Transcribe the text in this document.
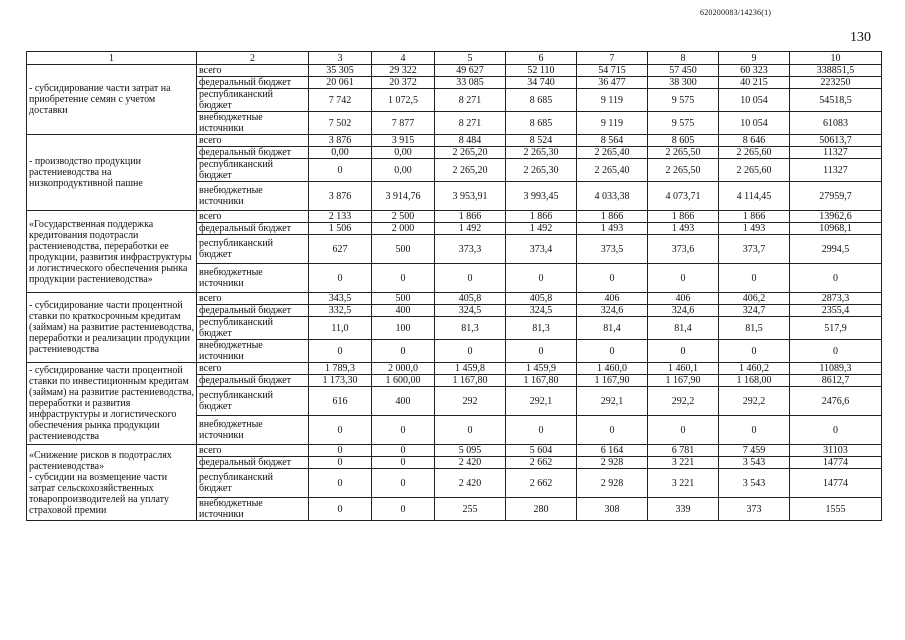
620200083/14236(1)
130
1	2	3	4	5	6	7	8	9	10
- субсидирование части затрат на приобретение семян с учетом доставки	всего	35 305	29 322	49 627	52 110	54 715	57 450	60 323	338851,5
	федеральный бюджет	20 061	20 372	33 085	34 740	36 477	38 300	40 215	223250
	республиканский бюджет	7 742	1 072,5	8 271	8 685	9 119	9 575	10 054	54518,5
	внебюджетные источники	7 502	7 877	8 271	8 685	9 119	9 575	10 054	61083
- производство продукции растениеводства на низкопродуктивной пашне	всего	3 876	3 915	8 484	8 524	8 564	8 605	8 646	50613,7
	федеральный бюджет	0,00	0,00	2 265,20	2 265,30	2 265,40	2 265,50	2 265,60	11327
	республиканский бюджет	0	0,00	2 265,20	2 265,30	2 265,40	2 265,50	2 265,60	11327
	внебюджетные источники	3 876	3 914,76	3 953,91	3 993,45	4 033,38	4 073,71	4 114,45	27959,7
«Государственная поддержка кредитования подотрасли растениеводства, переработки ее продукции, развития инфраструктуры и логистического обеспечения рынка продукции растениеводства»	всего	2 133	2 500	1 866	1 866	1 866	1 866	1 866	13962,6
	федеральный бюджет	1 506	2 000	1 492	1 492	1 493	1 493	1 493	10968,1
	республиканский бюджет	627	500	373,3	373,4	373,5	373,6	373,7	2994,5
	внебюджетные источники	0	0	0	0	0	0	0	0
- субсидирование части процентной ставки по краткосрочным кредитам (займам) на развитие растениеводства, переработки и реализации продукции растениеводства	всего	343,5	500	405,8	405,8	406	406	406,2	2873,3
	федеральный бюджет	332,5	400	324,5	324,5	324,6	324,6	324,7	2355,4
	республиканский бюджет	11,0	100	81,3	81,3	81,4	81,4	81,5	517,9
	внебюджетные источники	0	0	0	0	0	0	0	0
- субсидирование части процентной ставки по инвестиционным кредитам (займам) на развитие растениеводства, переработки и развития инфраструктуры и логистического обеспечения рынка продукции растениеводства	всего	1 789,3	2 000,0	1 459,8	1 459,9	1 460,0	1 460,1	1 460,2	11089,3
	федеральный бюджет	1 173,30	1 600,00	1 167,80	1 167,80	1 167,90	1 167,90	1 168,00	8612,7
	республиканский бюджет	616	400	292	292,1	292,1	292,2	292,2	2476,6
	внебюджетные источники	0	0	0	0	0	0	0	0
«Снижение рисков в подотраслях растениеводства»
- субсидии на возмещение части затрат сельскохозяйственных товаропроизводителей на уплату страховой премии	всего	0	0	5 095	5 604	6 164	6 781	7 459	31103
	федеральный бюджет	0	0	2 420	2 662	2 928	3 221	3 543	14774
	республиканский бюджет	0	0	2 420	2 662	2 928	3 221	3 543	14774
	внебюджетные источники	0	0	255	280	308	339	373	1555
